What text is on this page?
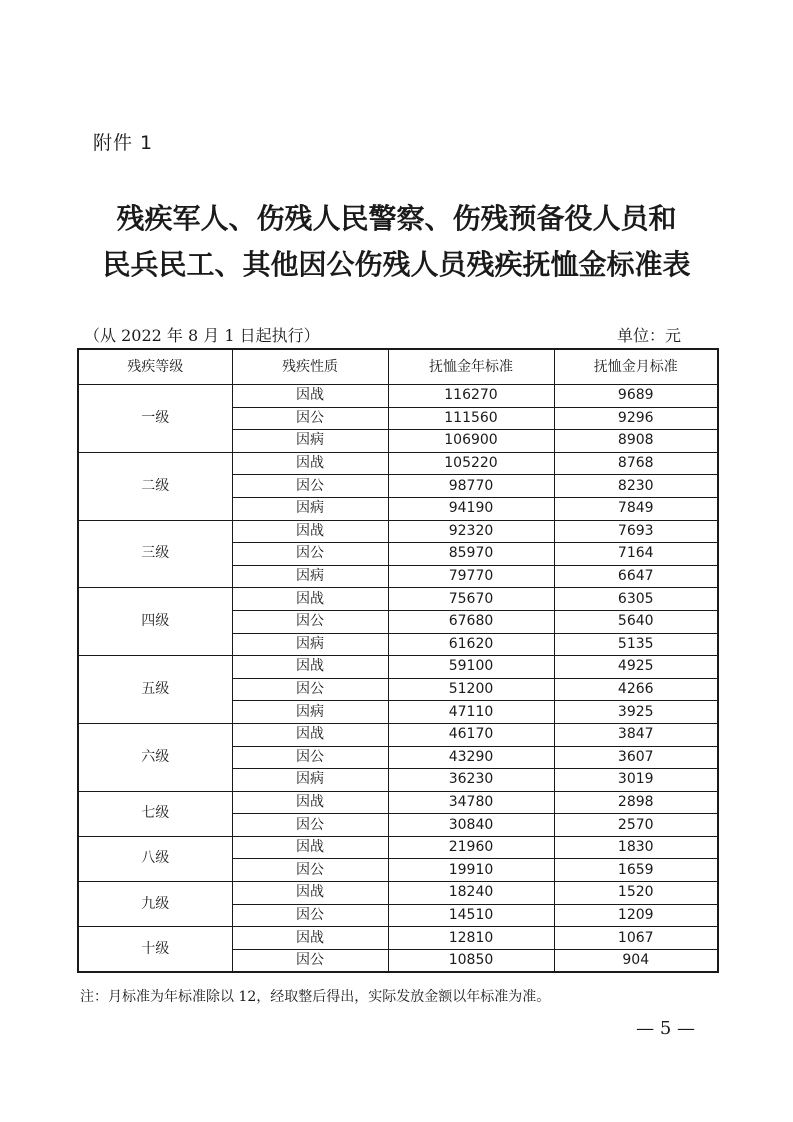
附件 1
残疾军人、伤残人民警察、伤残预备役人员和
民兵民工、其他因公伤残人员残疾抚恤金标准表
（从 2022 年 8 月 1 日起执行）	单位：元
残疾等级	残疾性质	抚恤金年标准	抚恤金月标准
一级	因战	116270	9689
	因公	111560	9296
	因病	106900	8908
二级	因战	105220	8768
	因公	98770	8230
	因病	94190	7849
三级	因战	92320	7693
	因公	85970	7164
	因病	79770	6647
四级	因战	75670	6305
	因公	67680	5640
	因病	61620	5135
五级	因战	59100	4925
	因公	51200	4266
	因病	47110	3925
六级	因战	46170	3847
	因公	43290	3607
	因病	36230	3019
七级	因战	34780	2898
	因公	30840	2570
八级	因战	21960	1830
	因公	19910	1659
九级	因战	18240	1520
	因公	14510	1209
十级	因战	12810	1067
	因公	10850	904
注：月标准为年标准除以 12，经取整后得出，实际发放金额以年标准为准。
— 5 —
